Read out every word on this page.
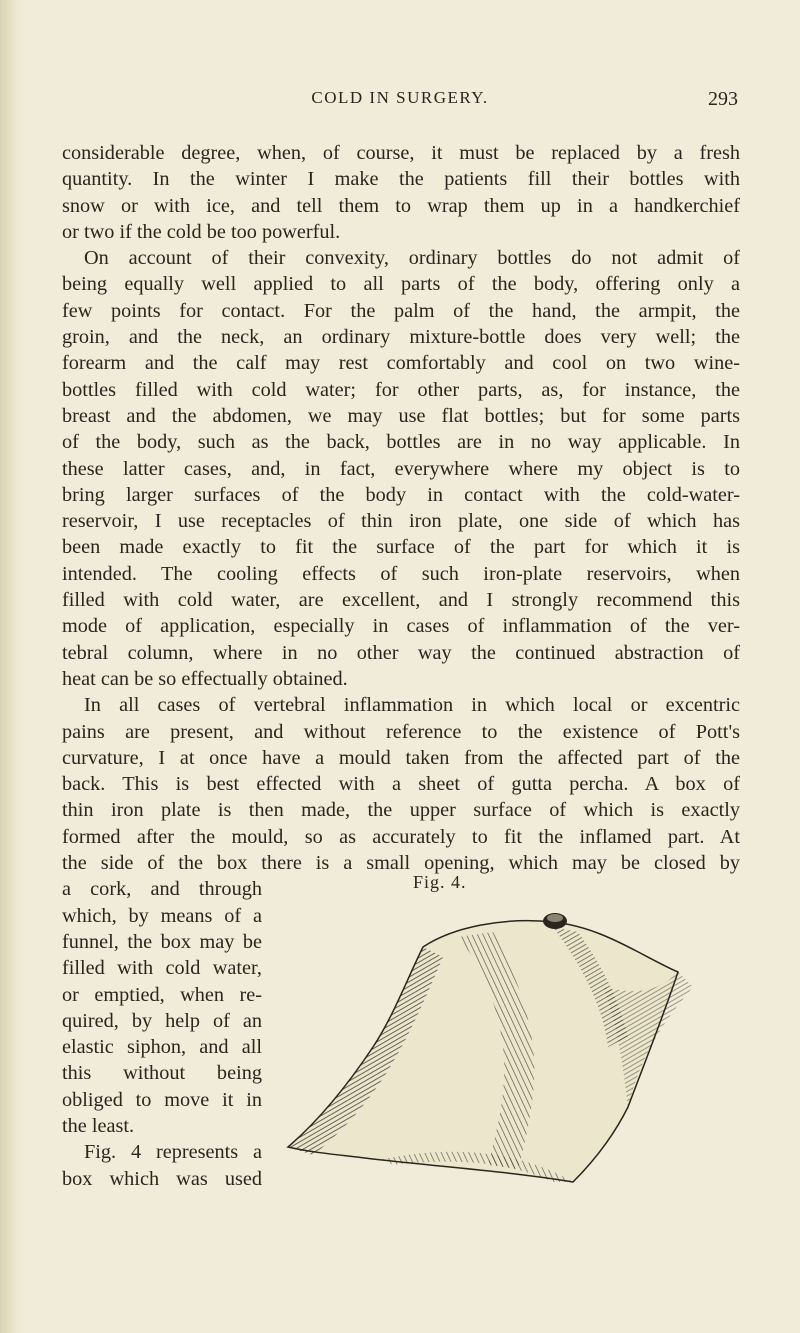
COLD IN SURGERY.	293
considerable degree, when, of course, it must be replaced by a fresh
quantity. In the winter I make the patients fill their bottles with
snow or with ice, and tell them to wrap them up in a handkerchief
or two if the cold be too powerful.
On account of their convexity, ordinary bottles do not admit of
being equally well applied to all parts of the body, offering only a
few points for contact. For the palm of the hand, the armpit, the
groin, and the neck, an ordinary mixture-bottle does very well; the
forearm and the calf may rest comfortably and cool on two wine-
bottles filled with cold water; for other parts, as, for instance, the
breast and the abdomen, we may use flat bottles; but for some parts
of the body, such as the back, bottles are in no way applicable. In
these latter cases, and, in fact, everywhere where my object is to
bring larger surfaces of the body in contact with the cold-water-
reservoir, I use receptacles of thin iron plate, one side of which has
been made exactly to fit the surface of the part for which it is
intended. The cooling effects of such iron-plate reservoirs, when
filled with cold water, are excellent, and I strongly recommend this
mode of application, especially in cases of inflammation of the ver-
tebral column, where in no other way the continued abstraction of
heat can be so effectually obtained.
In all cases of vertebral inflammation in which local or excentric
pains are present, and without reference to the existence of Pott's
curvature, I at once have a mould taken from the affected part of the
back. This is best effected with a sheet of gutta percha. A box of
thin iron plate is then made, the upper surface of which is exactly
formed after the mould, so as accurately to fit the inflamed part. At
the side of the box there is a small opening, which may be closed by
a cork, and through
which, by means of a
funnel, the box may be
filled with cold water,
or emptied, when re-
quired, by help of an
elastic siphon, and all
this without being
obliged to move it in
the least.
Fig. 4 represents a
box which was used
Fig. 4.
